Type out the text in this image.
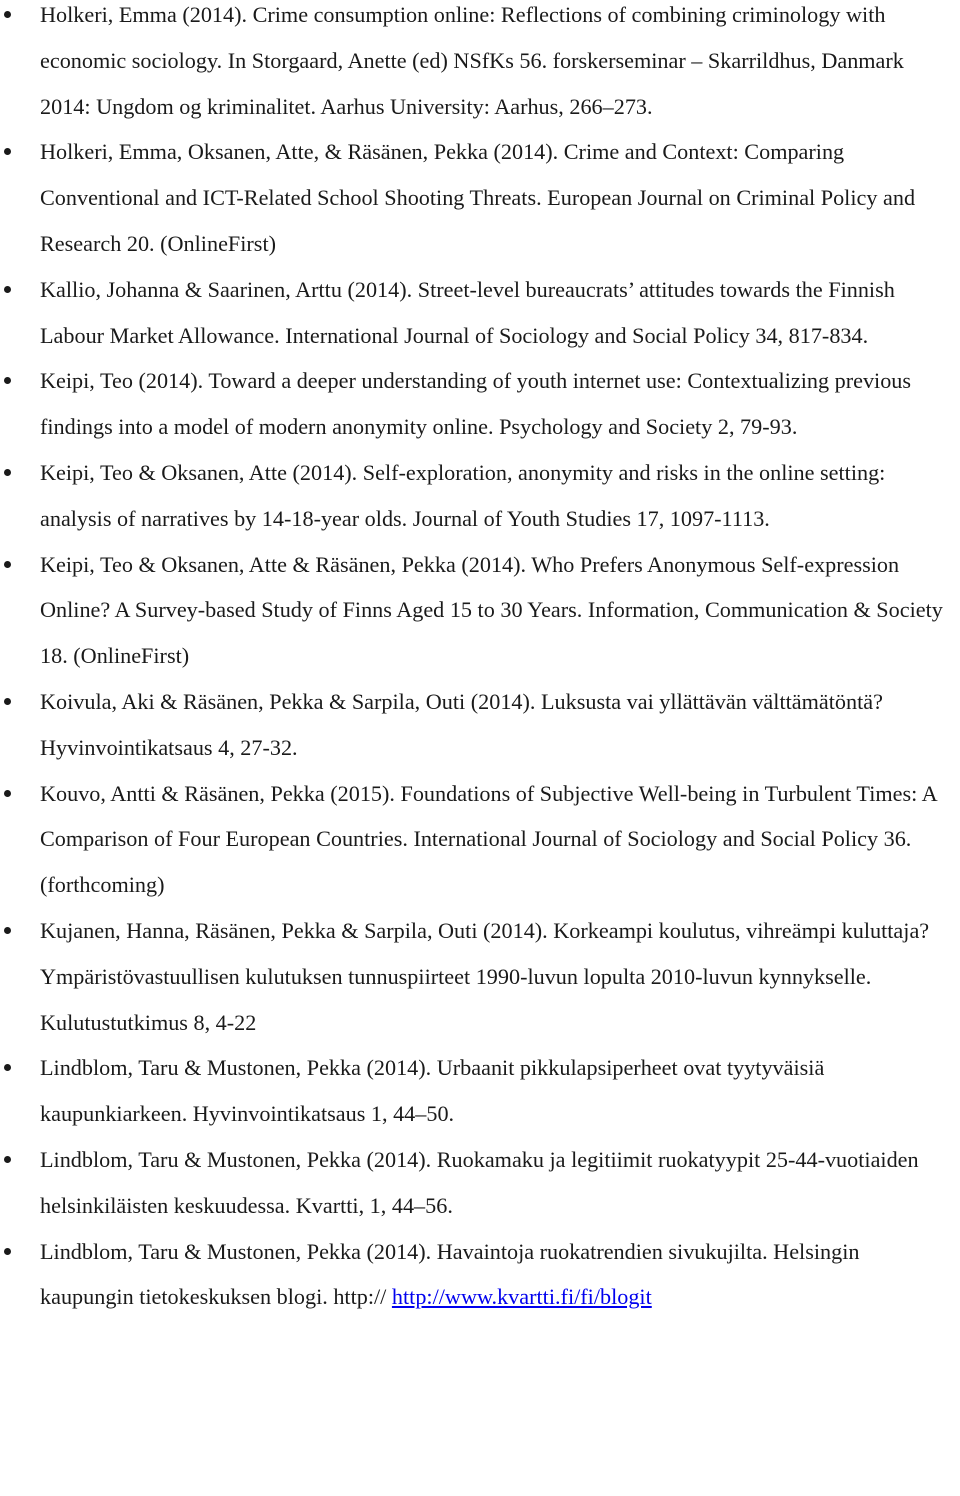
Holkeri, Emma (2014). Crime consumption online: Reflections of combining criminology with economic sociology. In Storgaard, Anette (ed) NSfKs 56. forskerseminar – Skarrildhus, Danmark 2014: Ungdom og kriminalitet. Aarhus University: Aarhus, 266–273.
Holkeri, Emma, Oksanen, Atte, & Räsänen, Pekka (2014). Crime and Context: Comparing Conventional and ICT-Related School Shooting Threats. European Journal on Criminal Policy and Research 20. (OnlineFirst)
Kallio, Johanna & Saarinen, Arttu (2014). Street-level bureaucrats’ attitudes towards the Finnish Labour Market Allowance. International Journal of Sociology and Social Policy 34, 817-834.
Keipi, Teo (2014). Toward a deeper understanding of youth internet use: Contextualizing previous findings into a model of modern anonymity online. Psychology and Society 2, 79-93.
Keipi, Teo & Oksanen, Atte (2014). Self-exploration, anonymity and risks in the online setting: analysis of narratives by 14-18-year olds. Journal of Youth Studies 17, 1097-1113.
Keipi, Teo & Oksanen, Atte & Räsänen, Pekka (2014). Who Prefers Anonymous Self-expression Online? A Survey-based Study of Finns Aged 15 to 30 Years. Information, Communication & Society 18. (OnlineFirst)
Koivula, Aki & Räsänen, Pekka & Sarpila, Outi (2014). Luksusta vai yllättävän välttämätöntä? Hyvinvointikatsaus 4, 27-32.
Kouvo, Antti & Räsänen, Pekka (2015). Foundations of Subjective Well-being in Turbulent Times: A Comparison of Four European Countries. International Journal of Sociology and Social Policy 36. (forthcoming)
Kujanen, Hanna, Räsänen, Pekka & Sarpila, Outi (2014). Korkeampi koulutus, vihreämpi kuluttaja? Ympäristövastuullisen kulutuksen tunnuspiirteet 1990-luvun lopulta 2010-luvun kynnykselle. Kulutustutkimus 8, 4-22
Lindblom, Taru & Mustonen, Pekka (2014). Urbaanit pikkulapsiperheet ovat tyytyväisiä kaupunkiarkeen. Hyvinvointikatsaus 1, 44–50.
Lindblom, Taru & Mustonen, Pekka (2014). Ruokamaku ja legitiimit ruokatyypit 25-44-vuotiaiden helsinkiläisten keskuudessa. Kvartti, 1, 44–56.
Lindblom, Taru & Mustonen, Pekka (2014). Havaintoja ruokatrendien sivukujilta. Helsingin kaupungin tietokeskuksen blogi. http:// http://www.kvartti.fi/fi/blogit
